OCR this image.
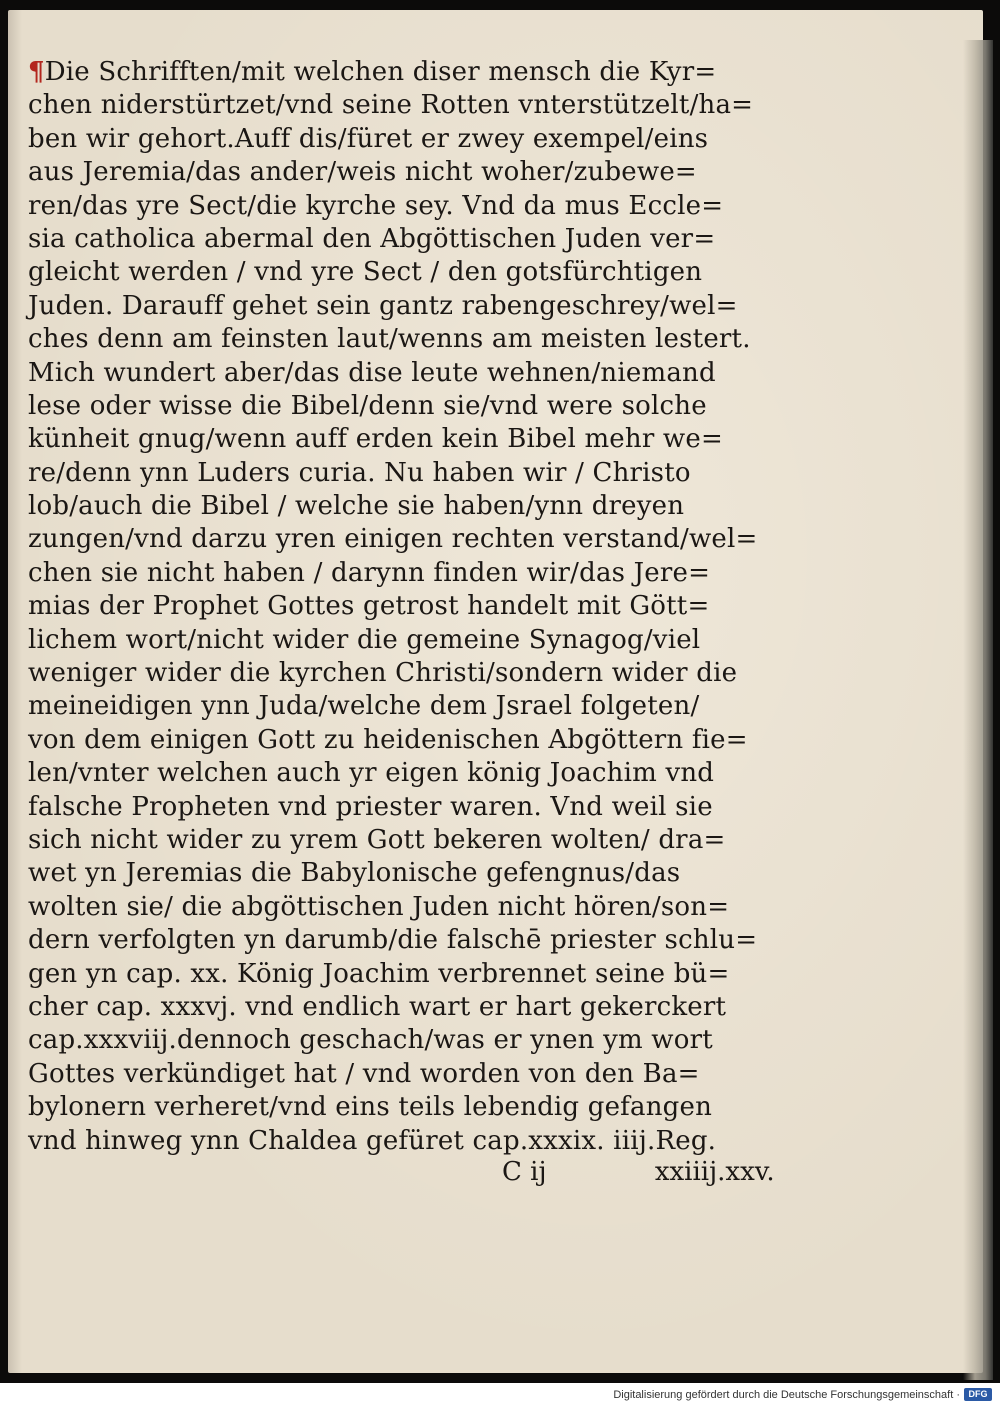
¶Die Schrifften/mit welchen diser mensch die Kyr=
chen niderstürtzet/vnd seine Rotten vnterstützelt/ha=
ben wir gehort.Auff dis/füret er zwey exempel/eins
aus Jeremia/das ander/weis nicht woher/zubewe=
ren/das yre Sect/die kyrche sey. Vnd da mus Eccle=
sia catholica abermal den Abgöttischen Juden ver=
gleicht werden / vnd yre Sect / den gotsfürchtigen
Juden. Darauff gehet sein gantz rabengeschrey/wel=
ches denn am feinsten laut/wenns am meisten lestert.
Mich wundert aber/das dise leute wehnen/niemand
lese oder wisse die Bibel/denn sie/vnd were solche
künheit gnug/wenn auff erden kein Bibel mehr we=
re/denn ynn Luders curia. Nu haben wir / Christo
lob/auch die Bibel / welche sie haben/ynn dreyen
zungen/vnd darzu yren einigen rechten verstand/wel=
chen sie nicht haben / darynn finden wir/das Jere=
mias der Prophet Gottes getrost handelt mit Gött=
lichem wort/nicht wider die gemeine Synagog/viel
weniger wider die kyrchen Christi/sondern wider die
meineidigen ynn Juda/welche dem Jsrael folgeten/
von dem einigen Gott zu heidenischen Abgöttern fie=
len/vnter welchen auch yr eigen könig Joachim vnd
falsche Propheten vnd priester waren. Vnd weil sie
sich nicht wider zu yrem Gott bekeren wolten/ dra=
wet yn Jeremias die Babylonische gefengnus/das
wolten sie/ die abgöttischen Juden nicht hören/son=
dern verfolgten yn darumb/die falschē priester schlu=
gen yn cap. xx. König Joachim verbrennet seine bü=
cher cap. xxxvj. vnd endlich wart er hart gekerckert
cap.xxxviij.dennoch geschach/was er ynen ym wort
Gottes verkündiget hat / vnd worden von den Ba=
bylonern verheret/vnd eins teils lebendig gefangen
vnd hinweg ynn Chaldea gefüret cap.xxxix. iiij.Reg.
C ij	xxiiij.xxv.
Digitalisierung gefördert durch die Deutsche Forschungsgemeinschaft · DFG
